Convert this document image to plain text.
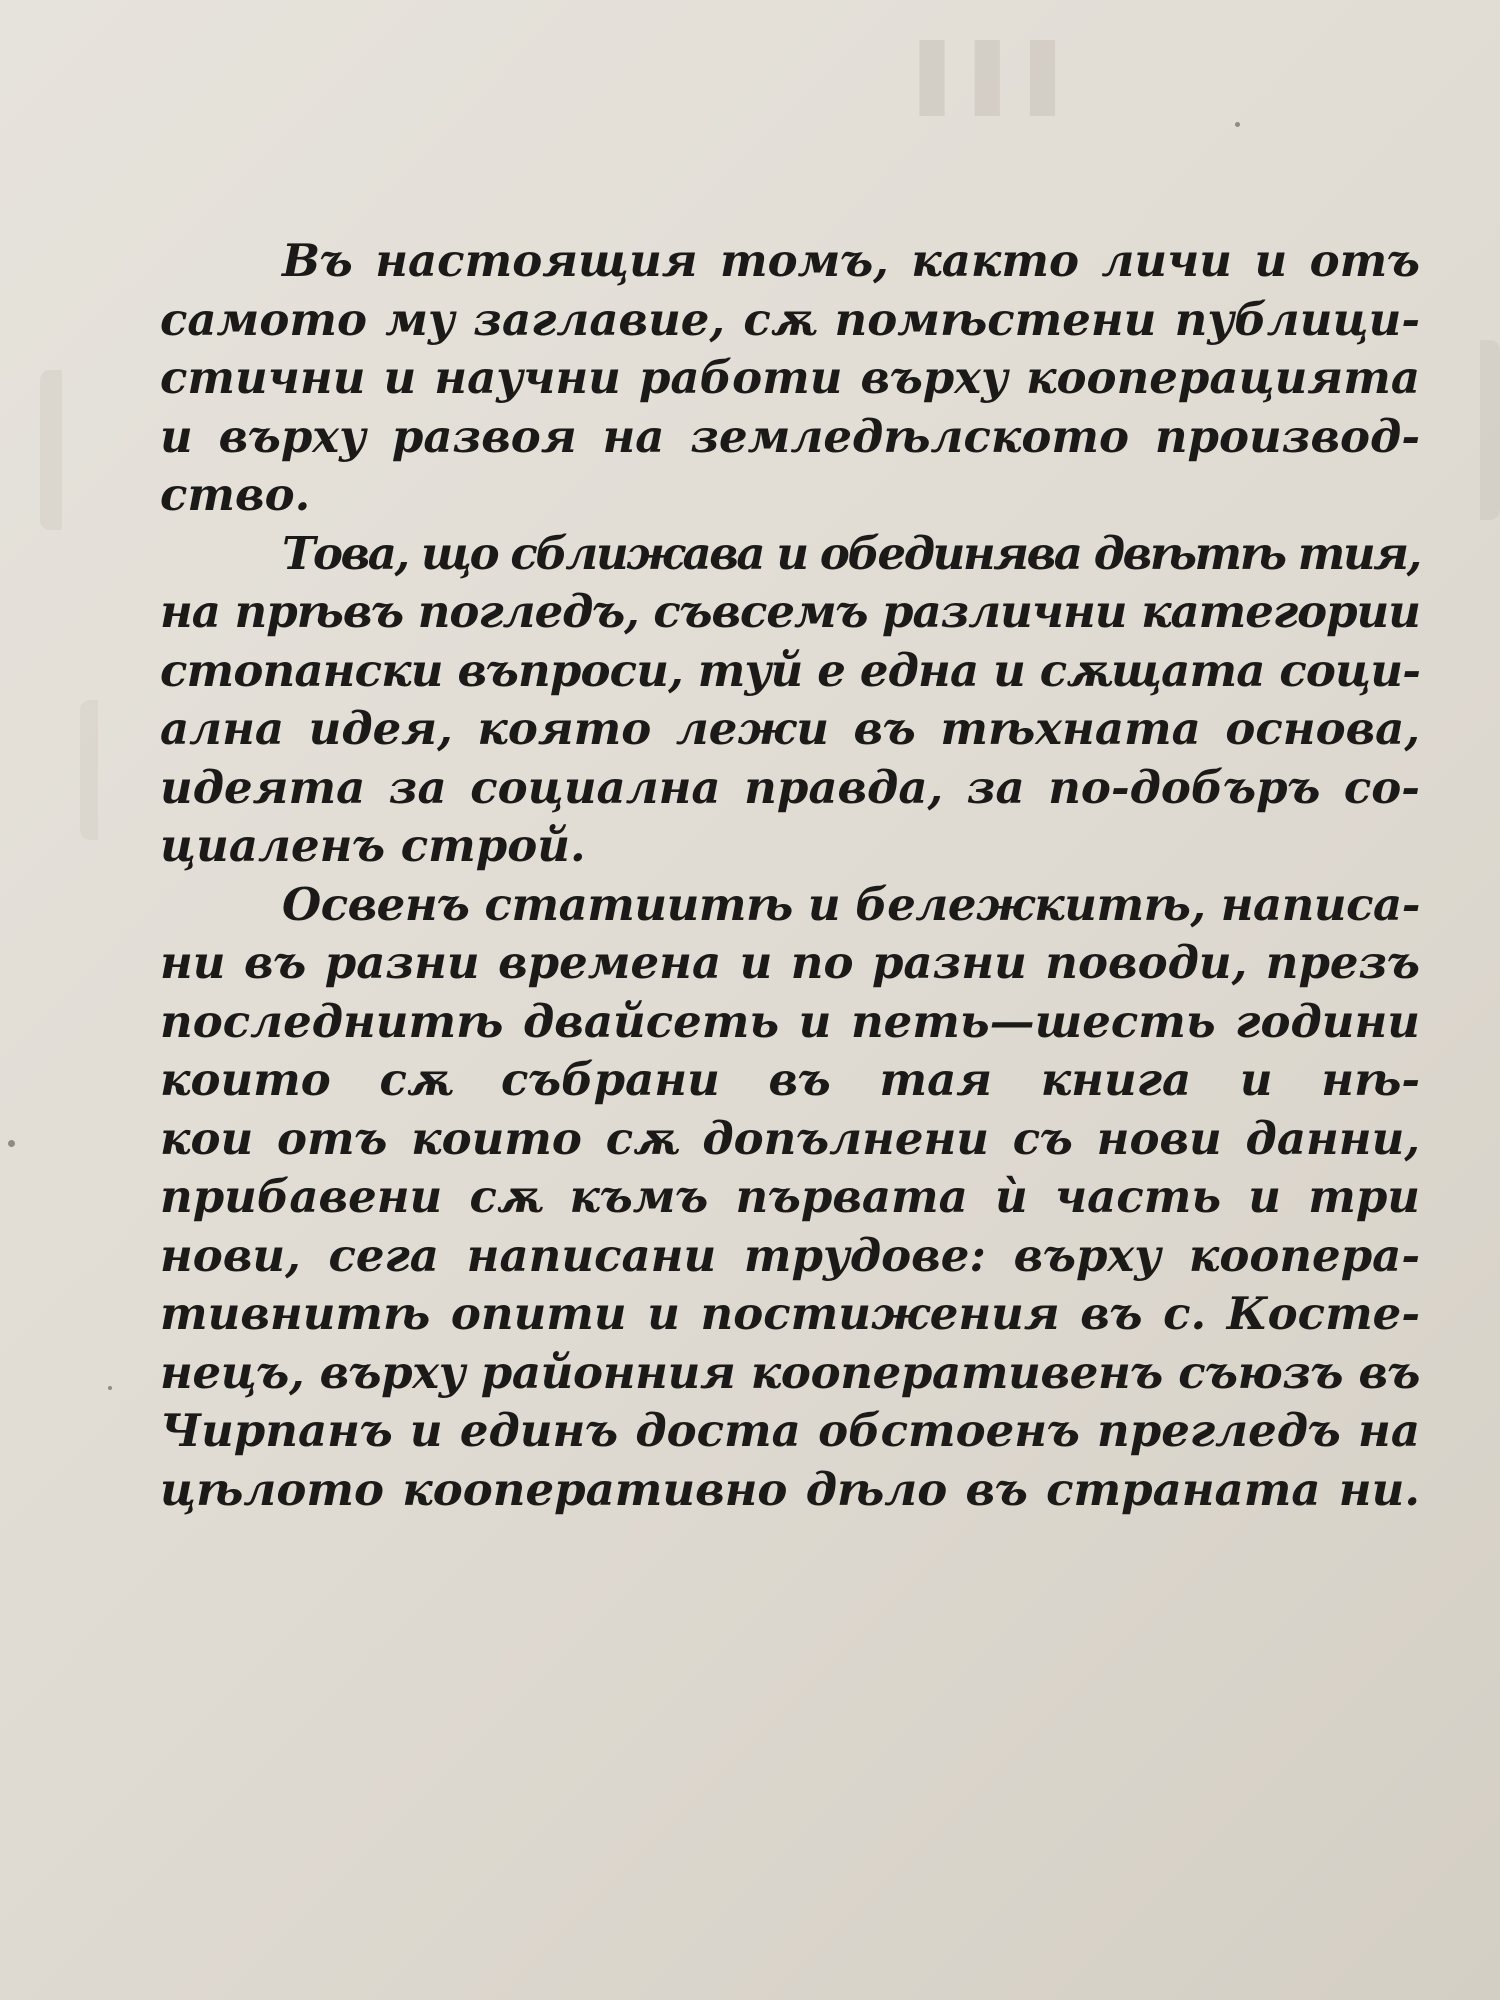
▌▌▌

Въ настоящия томъ, както личи и отъ
самото му заглавие, сѫ помѣстени публици-
стични и научни работи върху кооперацията
и върху развоя на земледѣлското производ-
ство.

Това, що сближава и обединява двѣтѣ тия,
на прѣвъ погледъ, съвсемъ различни категории
стопански въпроси, туй е една и сѫщата соци-
ална идея, която лежи въ тѣхната основа,
идеята за социална правда, за по-добъръ со-
циаленъ строй.

Освенъ статиитѣ и бележкитѣ, написа-
ни въ разни времена и по разни поводи, презъ
последнитѣ двайсеть и петь—шесть години
които сѫ събрани въ тая книга и нѣ-
кои отъ които сѫ допълнени съ нови данни,
прибавени сѫ къмъ първата ѝ часть и три
нови, сега написани трудове: върху коопера-
тивнитѣ опити и постижения въ с. Косте-
нецъ, върху районния кооперативенъ съюзъ въ
Чирпанъ и единъ доста обстоенъ прегледъ на
цѣлото кооперативно дѣло въ страната ни.
